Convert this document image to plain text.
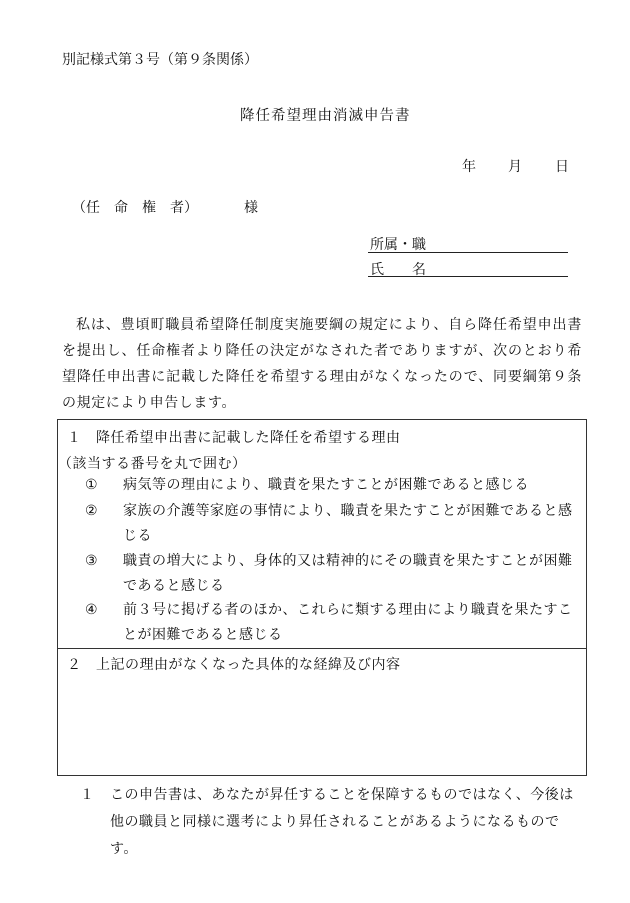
別記様式第３号（第９条関係）
降任希望理由消滅申告書
年 月 日
（任　命　権　者）	様
所属・職
氏　　名
私は、豊頃町職員希望降任制度実施要綱の規定により、自ら降任希望申出書を提出し、任命権者より降任の決定がなされた者でありますが、次のとおり希望降任申出書に記載した降任を希望する理由がなくなったので、同要綱第９条の規定により申告します。
１　降任希望申出書に記載した降任を希望する理由
（該当する番号を丸で囲む）
① 病気等の理由により、職責を果たすことが困難であると感じる
② 家族の介護等家庭の事情により、職責を果たすことが困難であると感じる
③ 職責の増大により、身体的又は精神的にその職責を果たすことが困難であると感じる
④ 前３号に掲げる者のほか、これらに類する理由により職責を果たすことが困難であると感じる
２　上記の理由がなくなった具体的な経緯及び内容
１ この申告書は、あなたが昇任することを保障するものではなく、今後は他の職員と同様に選考により昇任されることがあるようになるものです。
